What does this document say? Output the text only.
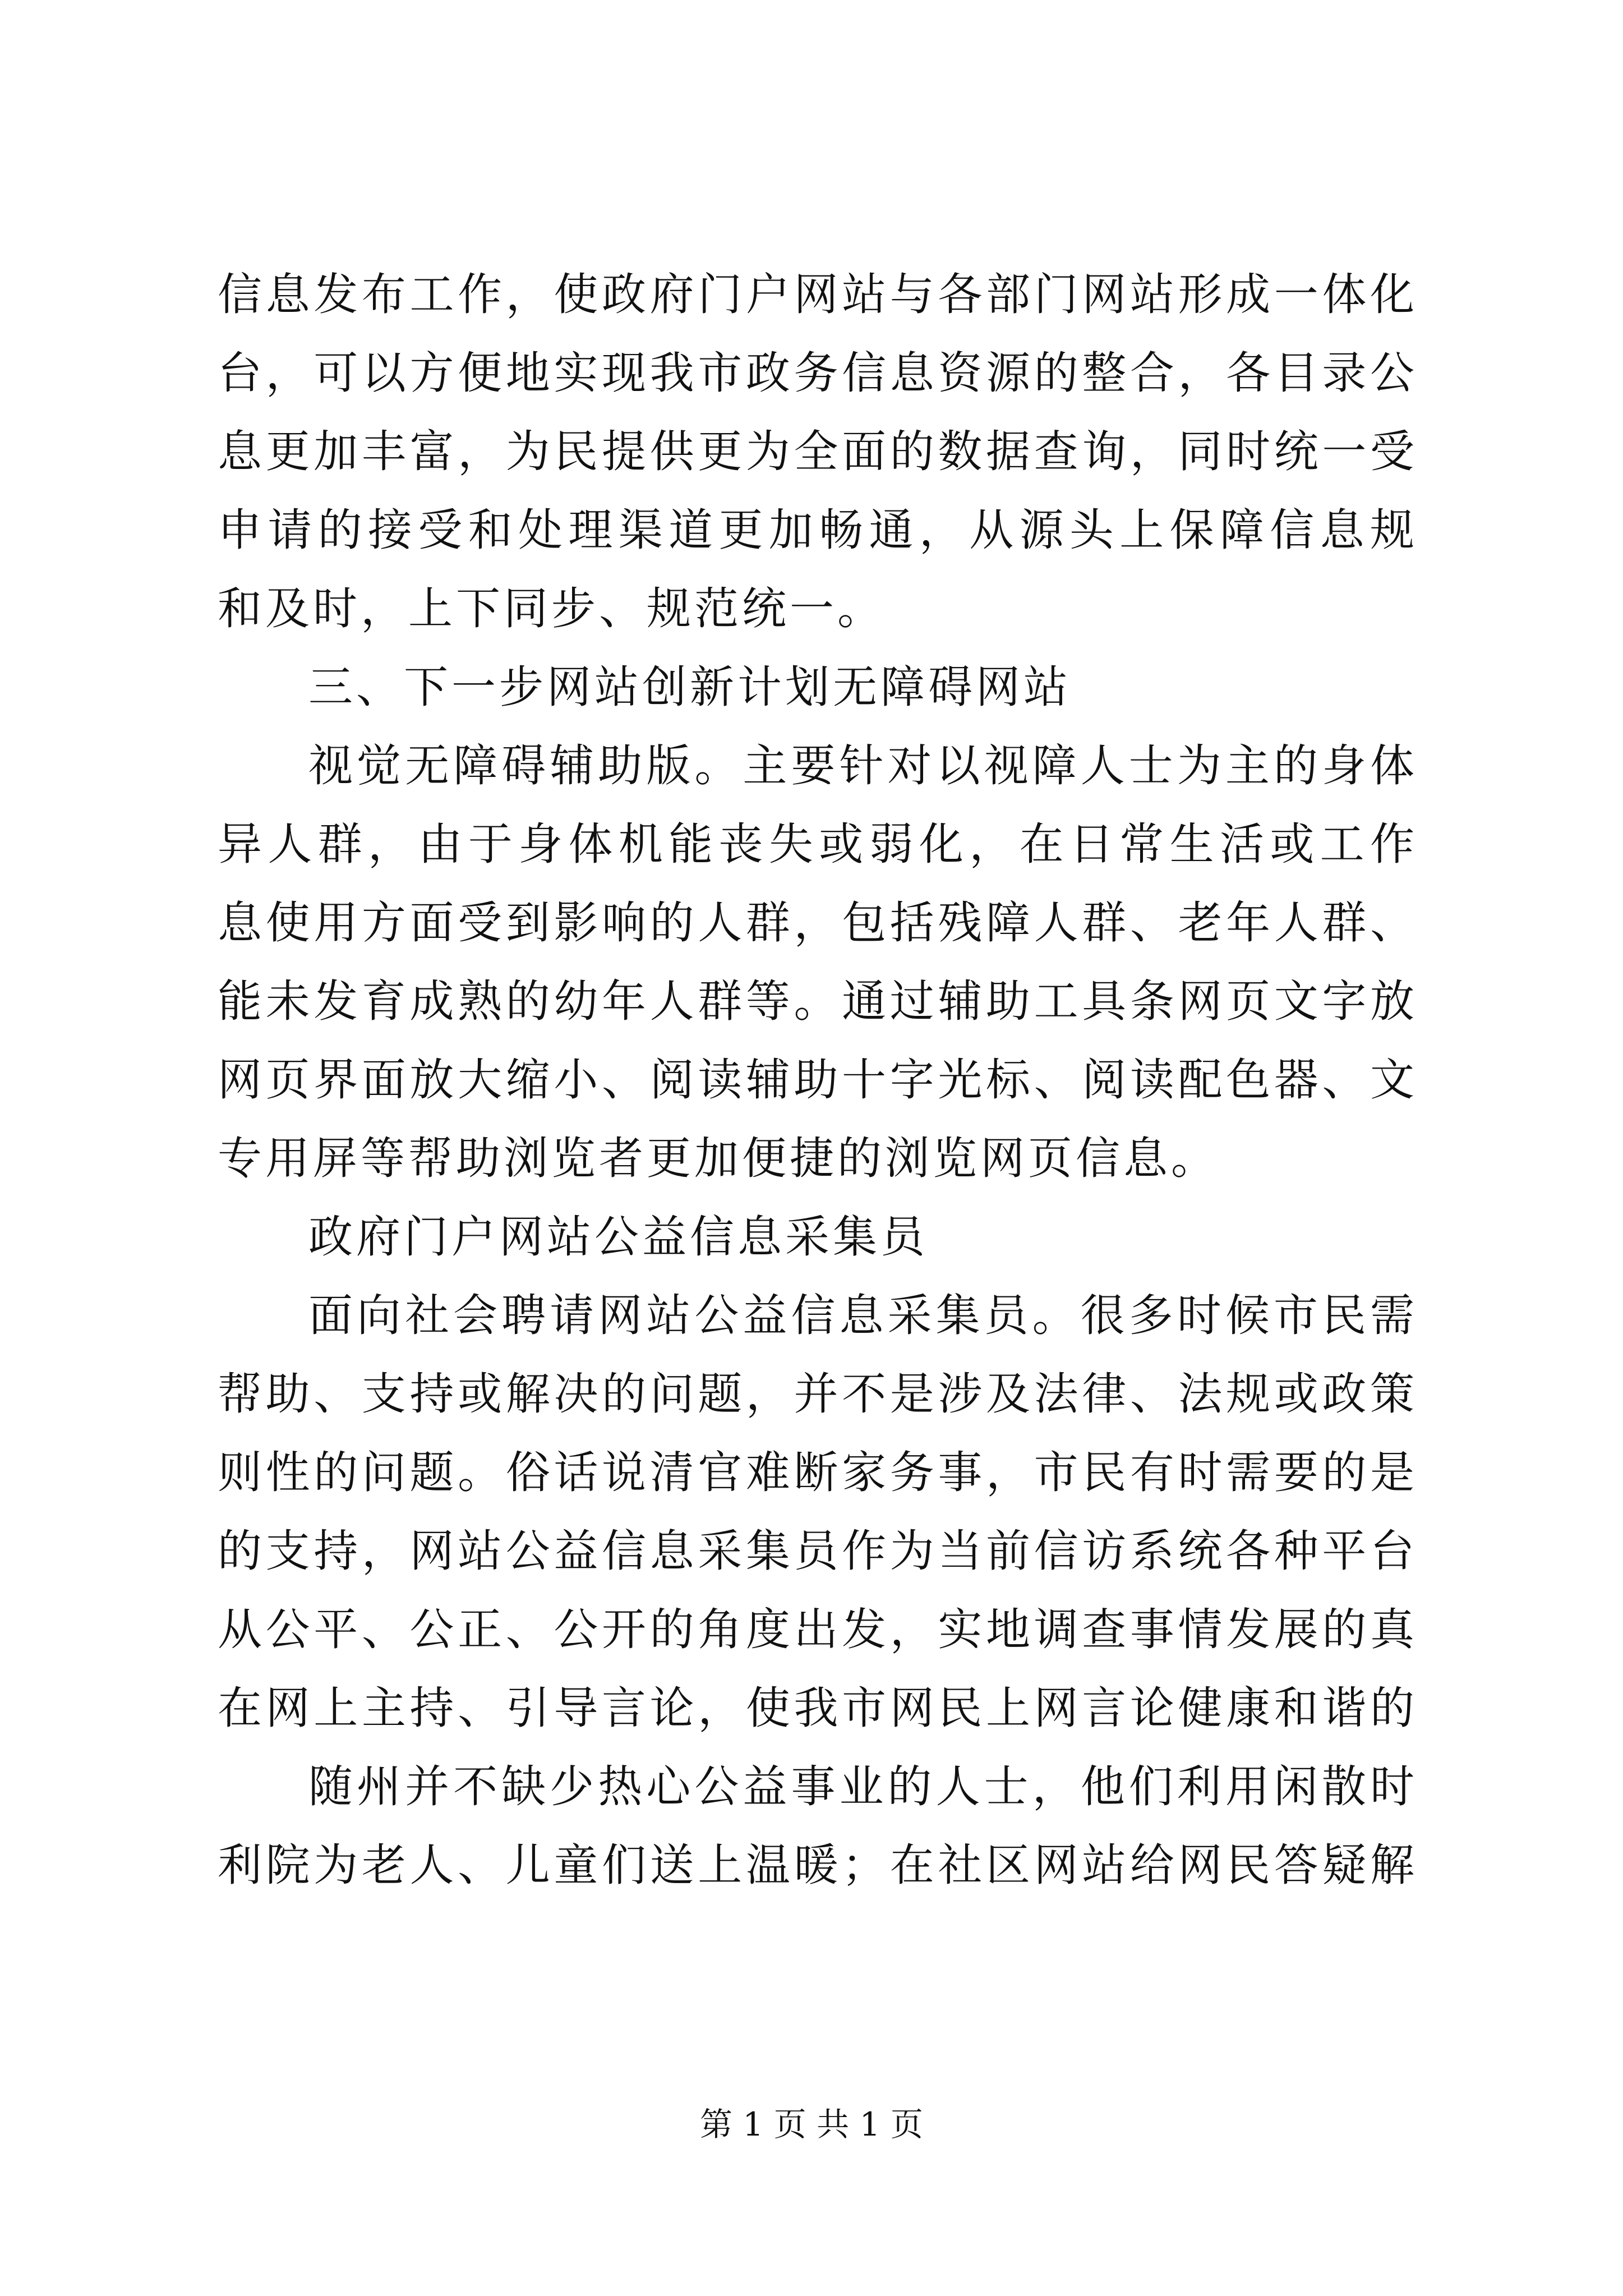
信息发布工作，使政府门户网站与各部门网站形成一体化
台，可以方便地实现我市政务信息资源的整合，各目录公
息更加丰富，为民提供更为全面的数据查询，同时统一受
申请的接受和处理渠道更加畅通，从源头上保障信息规
和及时，上下同步、规范统一。
三、下一步网站创新计划无障碍网站
视觉无障碍辅助版。主要针对以视障人士为主的身体
异人群，由于身体机能丧失或弱化，在日常生活或工作
息使用方面受到影响的人群，包括残障人群、老年人群、
能未发育成熟的幼年人群等。通过辅助工具条网页文字放
网页界面放大缩小、阅读辅助十字光标、阅读配色器、文
专用屏等帮助浏览者更加便捷的浏览网页信息。
政府门户网站公益信息采集员
面向社会聘请网站公益信息采集员。很多时候市民需
帮助、支持或解决的问题，并不是涉及法律、法规或政策
则性的问题。俗话说清官难断家务事，市民有时需要的是
的支持，网站公益信息采集员作为当前信访系统各种平台
从公平、公正、公开的角度出发，实地调查事情发展的真
在网上主持、引导言论，使我市网民上网言论健康和谐的
随州并不缺少热心公益事业的人士，他们利用闲散时
利院为老人、儿童们送上温暖；在社区网站给网民答疑解
第 1 页 共 1 页
